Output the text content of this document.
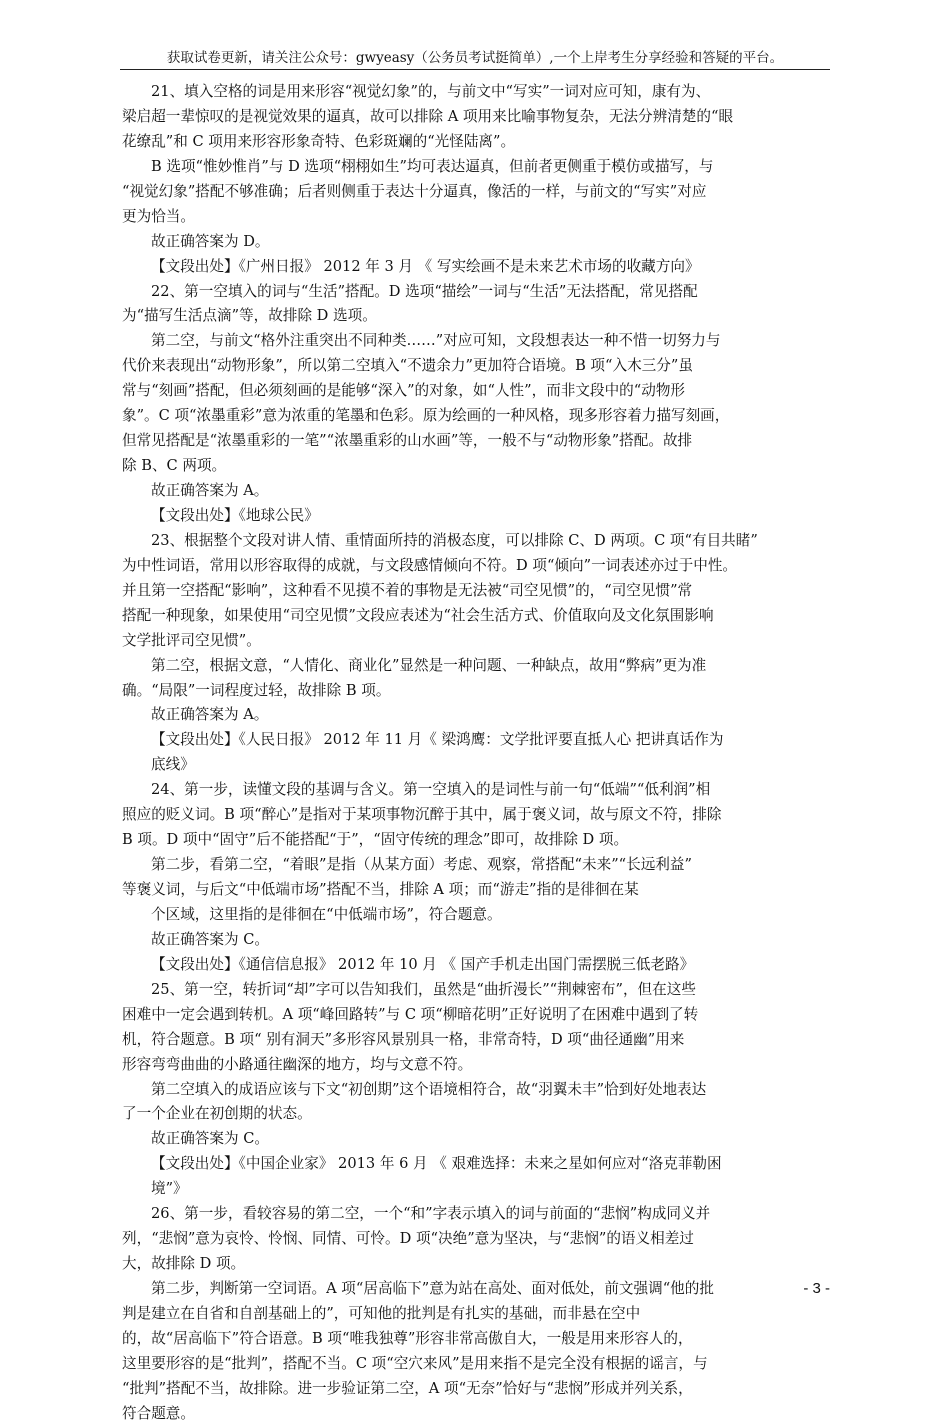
获取试卷更新，请关注公众号：gwyeasy（公务员考试挺简单）,一个上岸考生分享经验和答疑的平台。
21、填入空格的词是用来形容“视觉幻象”的，与前文中“写实”一词对应可知，康有为、
梁启超一辈惊叹的是视觉效果的逼真，故可以排除 A 项用来比喻事物复杂，无法分辨清楚的“眼
花缭乱”和 C 项用来形容形象奇特、色彩斑斓的“光怪陆离”。
B 选项“惟妙惟肖”与 D 选项“栩栩如生”均可表达逼真，但前者更侧重于模仿或描写，与
“视觉幻象”搭配不够准确；后者则侧重于表达十分逼真，像活的一样，与前文的“写实”对应
更为恰当。
故正确答案为 D。
【文段出处】《广州日报》 2012 年 3 月 《 写实绘画不是未来艺术市场的收藏方向》
22、第一空填入的词与“生活”搭配。D 选项“描绘”一词与“生活”无法搭配，常见搭配
为“描写生活点滴”等，故排除 D 选项。
第二空，与前文“格外注重突出不同种类……”对应可知，文段想表达一种不惜一切努力与
代价来表现出“动物形象”，所以第二空填入“不遗余力”更加符合语境。B 项“入木三分”虽
常与“刻画”搭配，但必须刻画的是能够“深入”的对象，如“人性”，而非文段中的“动物形
象”。C 项“浓墨重彩”意为浓重的笔墨和色彩。原为绘画的一种风格，现多形容着力描写刻画，
但常见搭配是“浓墨重彩的一笔”“浓墨重彩的山水画”等，一般不与“动物形象”搭配。故排
除 B、C 两项。
故正确答案为 A。
【文段出处】《地球公民》
23、根据整个文段对讲人情、重情面所持的消极态度，可以排除 C、D 两项。C 项“有目共睹”
为中性词语，常用以形容取得的成就，与文段感情倾向不符。D 项“倾向”一词表述亦过于中性。
并且第一空搭配“影响”，这种看不见摸不着的事物是无法被“司空见惯”的，“司空见惯”常
搭配一种现象，如果使用“司空见惯”文段应表述为“社会生活方式、价值取向及文化氛围影响
文学批评司空见惯”。
第二空，根据文意，“人情化、商业化”显然是一种问题、一种缺点，故用“弊病”更为准
确。“局限”一词程度过轻，故排除 B 项。
故正确答案为 A。
【文段出处】《人民日报》 2012 年 11 月《 梁鸿鹰：文学批评要直抵人心 把讲真话作为
底线》
24、第一步，读懂文段的基调与含义。第一空填入的是词性与前一句“低端”“低利润”相
照应的贬义词。B 项“醉心”是指对于某项事物沉醉于其中，属于褒义词，故与原文不符，排除
B 项。D 项中“固守”后不能搭配“于”，“固守传统的理念”即可，故排除 D 项。
第二步，看第二空，“着眼”是指（从某方面）考虑、观察，常搭配“未来”“长远利益”
等褒义词，与后文“中低端市场”搭配不当，排除 A 项；而“游走”指的是徘徊在某
个区域，这里指的是徘徊在“中低端市场”，符合题意。
故正确答案为 C。
【文段出处】《通信信息报》 2012 年 10 月 《 国产手机走出国门需摆脱三低老路》
25、第一空，转折词“却”字可以告知我们，虽然是“曲折漫长”“荆棘密布”，但在这些
困难中一定会遇到转机。A 项“峰回路转”与 C 项“柳暗花明”正好说明了在困难中遇到了转
机，符合题意。B 项“ 别有洞天”多形容风景别具一格，非常奇特，D 项“曲径通幽”用来
形容弯弯曲曲的小路通往幽深的地方，均与文意不符。
第二空填入的成语应该与下文“初创期”这个语境相符合，故“羽翼未丰”恰到好处地表达
了一个企业在初创期的状态。
故正确答案为 C。
【文段出处】《中国企业家》 2013 年 6 月 《 艰难选择：未来之星如何应对“洛克菲勒困
境”》
26、第一步，看较容易的第二空，一个“和”字表示填入的词与前面的“悲悯”构成同义并
列，“悲悯”意为哀怜、怜悯、同情、可怜。D 项“决绝”意为坚决，与“悲悯”的语义相差过
大，故排除 D 项。
第二步，判断第一空词语。A 项“居高临下”意为站在高处、面对低处，前文强调“他的批
判是建立在自省和自剖基础上的”，可知他的批判是有扎实的基础，而非悬在空中
的，故“居高临下”符合语意。B 项“唯我独尊”形容非常高傲自大，一般是用来形容人的，
这里要形容的是“批判”，搭配不当。C 项“空穴来风”是用来指不是完全没有根据的谣言，与
“批判”搭配不当，故排除。进一步验证第二空，A 项“无奈”恰好与“悲悯”形成并列关系，
符合题意。
- 3 -
